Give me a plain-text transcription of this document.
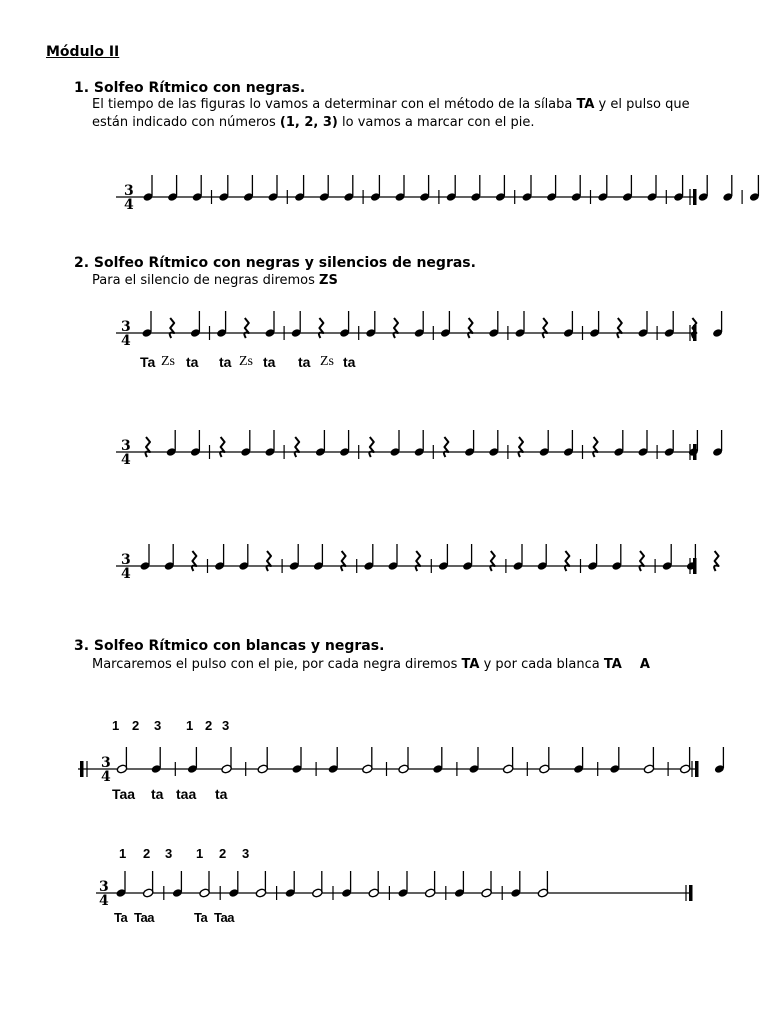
Módulo II
1. Solfeo Rítmico con negras.
El tiempo de las figuras lo vamos a determinar con el método de la sílaba TA y el pulso que
están indicado con números (1, 2, 3) lo vamos a marcar con el pie.
2. Solfeo Rítmico con negras y silencios de negras.
Para el silencio de negras diremos ZS
3. Solfeo Rítmico con blancas y negras.
Marcaremos el pulso con el pie, por cada negra diremos TA y por cada blanca TA    A
Ta Zs ta ta Zs ta ta Zs ta
1 2 3 1 2 3
Taa ta taa ta
1 2 3 1 2 3
Ta Taa	Ta Taa
3
4
3
4
3
4
3
4
3
4
3
4
